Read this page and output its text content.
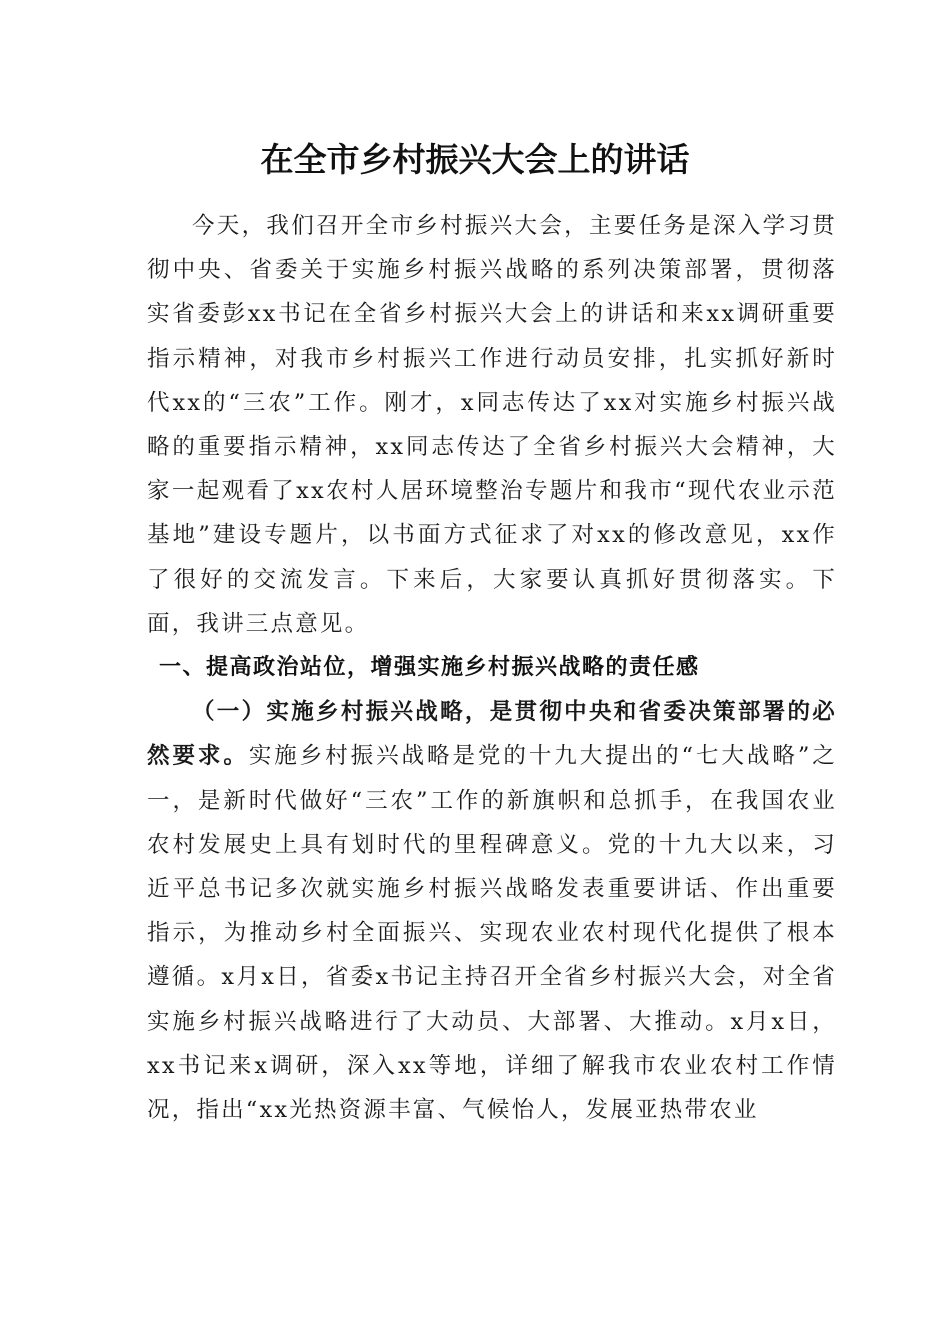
在全市乡村振兴大会上的讲话

今天，我们召开全市乡村振兴大会，主要任务是深入学习贯彻中央、省委关于实施乡村振兴战略的系列决策部署，贯彻落实省委彭xx书记在全省乡村振兴大会上的讲话和来xx调研重要指示精神，对我市乡村振兴工作进行动员安排，扎实抓好新时代xx的“三农”工作。刚才，x同志传达了xx对实施乡村振兴战略的重要指示精神，xx同志传达了全省乡村振兴大会精神，大家一起观看了xx农村人居环境整治专题片和我市“现代农业示范基地”建设专题片，以书面方式征求了对xx的修改意见，xx作了很好的交流发言。下来后，大家要认真抓好贯彻落实。下面，我讲三点意见。

一、提高政治站位，增强实施乡村振兴战略的责任感

（一）实施乡村振兴战略，是贯彻中央和省委决策部署的必然要求。实施乡村振兴战略是党的十九大提出的“七大战略”之一，是新时代做好“三农”工作的新旗帜和总抓手，在我国农业农村发展史上具有划时代的里程碑意义。党的十九大以来，习近平总书记多次就实施乡村振兴战略发表重要讲话、作出重要指示，为推动乡村全面振兴、实现农业农村现代化提供了根本遵循。x月x日，省委x书记主持召开全省乡村振兴大会，对全省实施乡村振兴战略进行了大动员、大部署、大推动。x月x日，xx书记来x调研，深入xx等地，详细了解我市农业农村工作情况，指出“xx光热资源丰富、气候怡人，发展亚热带农业
